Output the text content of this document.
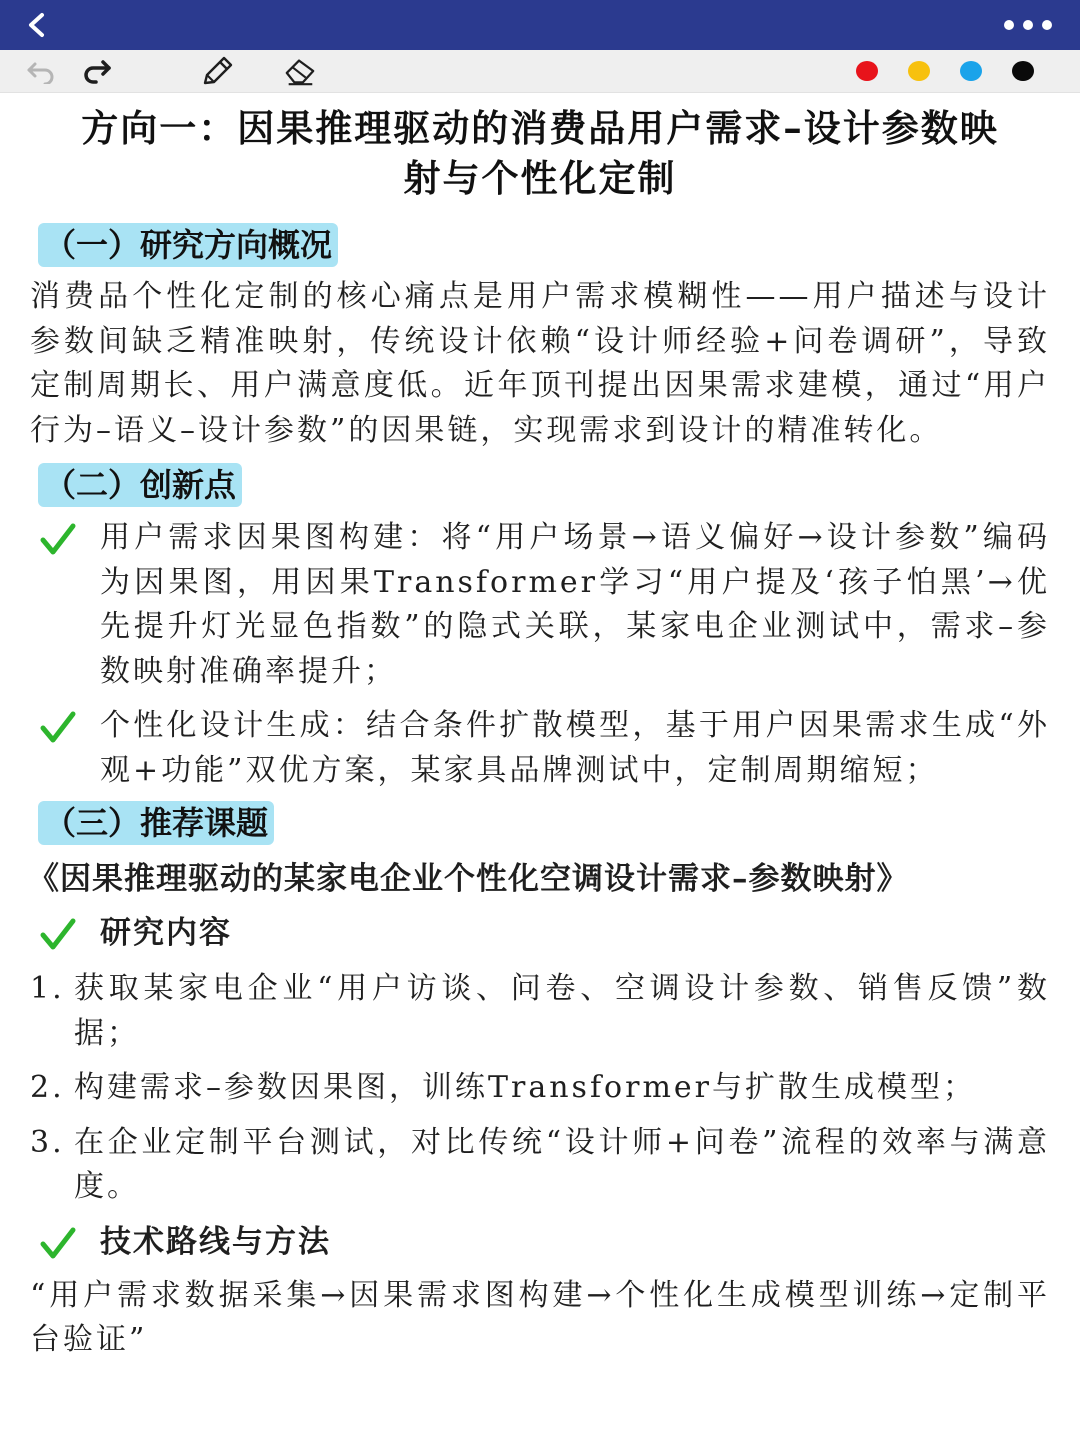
方向一：因果推理驱动的消费品用户需求–设计参数映
射与个性化定制
（一）研究方向概况

消费品个性化定制的核心痛点是用户需求模糊性——用户描述与设计参数间缺乏精准映射，传统设计依赖“设计师经验+问卷调研”，导致定制周期长、用户满意度低。近年顶刊提出因果需求建模，通过“用户行为–语义–设计参数”的因果链，实现需求到设计的精准转化。

（二）创新点

用户需求因果图构建：将“用户场景→语义偏好→设计参数”编码为因果图，用因果Transformer学习“用户提及‘孩子怕黑’→优先提升灯光显色指数”的隐式关联，某家电企业测试中，需求–参数映射准确率提升；

个性化设计生成：结合条件扩散模型，基于用户因果需求生成“外观+功能”双优方案，某家具品牌测试中，定制周期缩短；

（三）推荐课题
《因果推理驱动的某家电企业个性化空调设计需求–参数映射》
研究内容
1. 获取某家电企业“用户访谈、问卷、空调设计参数、销售反馈”数据；
2. 构建需求–参数因果图，训练Transformer与扩散生成模型；
3. 在企业定制平台测试，对比传统“设计师+问卷”流程的效率与满意度。
技术路线与方法

“用户需求数据采集→因果需求图构建→个性化生成模型训练→定制平台验证”
